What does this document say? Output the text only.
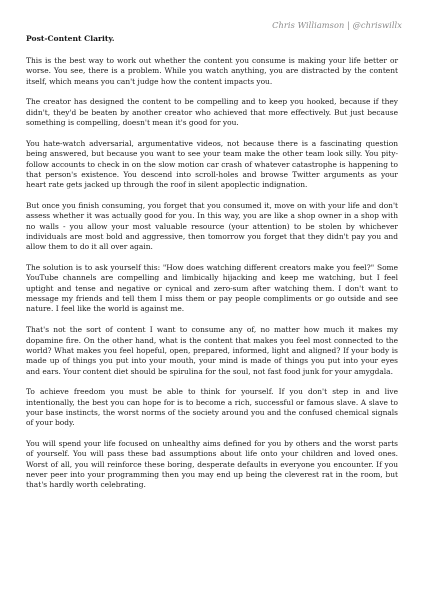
Chris Williamson | @chriswillx
Post-Content Clarity.

This is the best way to work out whether the content you consume is making your life better or worse. You see, there is a problem. While you watch anything, you are distracted by the content itself, which means you can't judge how the content impacts you.

The creator has designed the content to be compelling and to keep you hooked, because if they didn't, they'd be beaten by another creator who achieved that more effectively. But just because something is compelling, doesn't mean it's good for you.

You hate-watch adversarial, argumentative videos, not because there is a fascinating question being answered, but because you want to see your team make the other team look silly. You pity-follow accounts to check in on the slow motion car crash of whatever catastrophe is happening to that person's existence. You descend into scroll-holes and browse Twitter arguments as your heart rate gets jacked up through the roof in silent apoplectic indignation.

But once you finish consuming, you forget that you consumed it, move on with your life and don't assess whether it was actually good for you. In this way, you are like a shop owner in a shop with no walls - you allow your most valuable resource (your attention) to be stolen by whichever individuals are most bold and aggressive, then tomorrow you forget that they didn't pay you and allow them to do it all over again.

The solution is to ask yourself this: "How does watching different creators make you feel?" Some YouTube channels are compelling and limbically hijacking and keep me watching, but I feel uptight and tense and negative or cynical and zero-sum after watching them. I don't want to message my friends and tell them I miss them or pay people compliments or go outside and see nature. I feel like the world is against me.

That's not the sort of content I want to consume any of, no matter how much it makes my dopamine fire. On the other hand, what is the content that makes you feel most connected to the world? What makes you feel hopeful, open, prepared, informed, light and aligned? If your body is made up of things you put into your mouth, your mind is made of things you put into your eyes and ears. Your content diet should be spirulina for the soul, not fast food junk for your amygdala.

To achieve freedom you must be able to think for yourself. If you don't step in and live intentionally, the best you can hope for is to become a rich, successful or famous slave. A slave to your base instincts, the worst norms of the society around you and the confused chemical signals of your body.

You will spend your life focused on unhealthy aims defined for you by others and the worst parts of yourself. You will pass these bad assumptions about life onto your children and loved ones. Worst of all, you will reinforce these boring, desperate defaults in everyone you encounter. If you never peer into your programming then you may end up being the cleverest rat in the room, but that's hardly worth celebrating.
